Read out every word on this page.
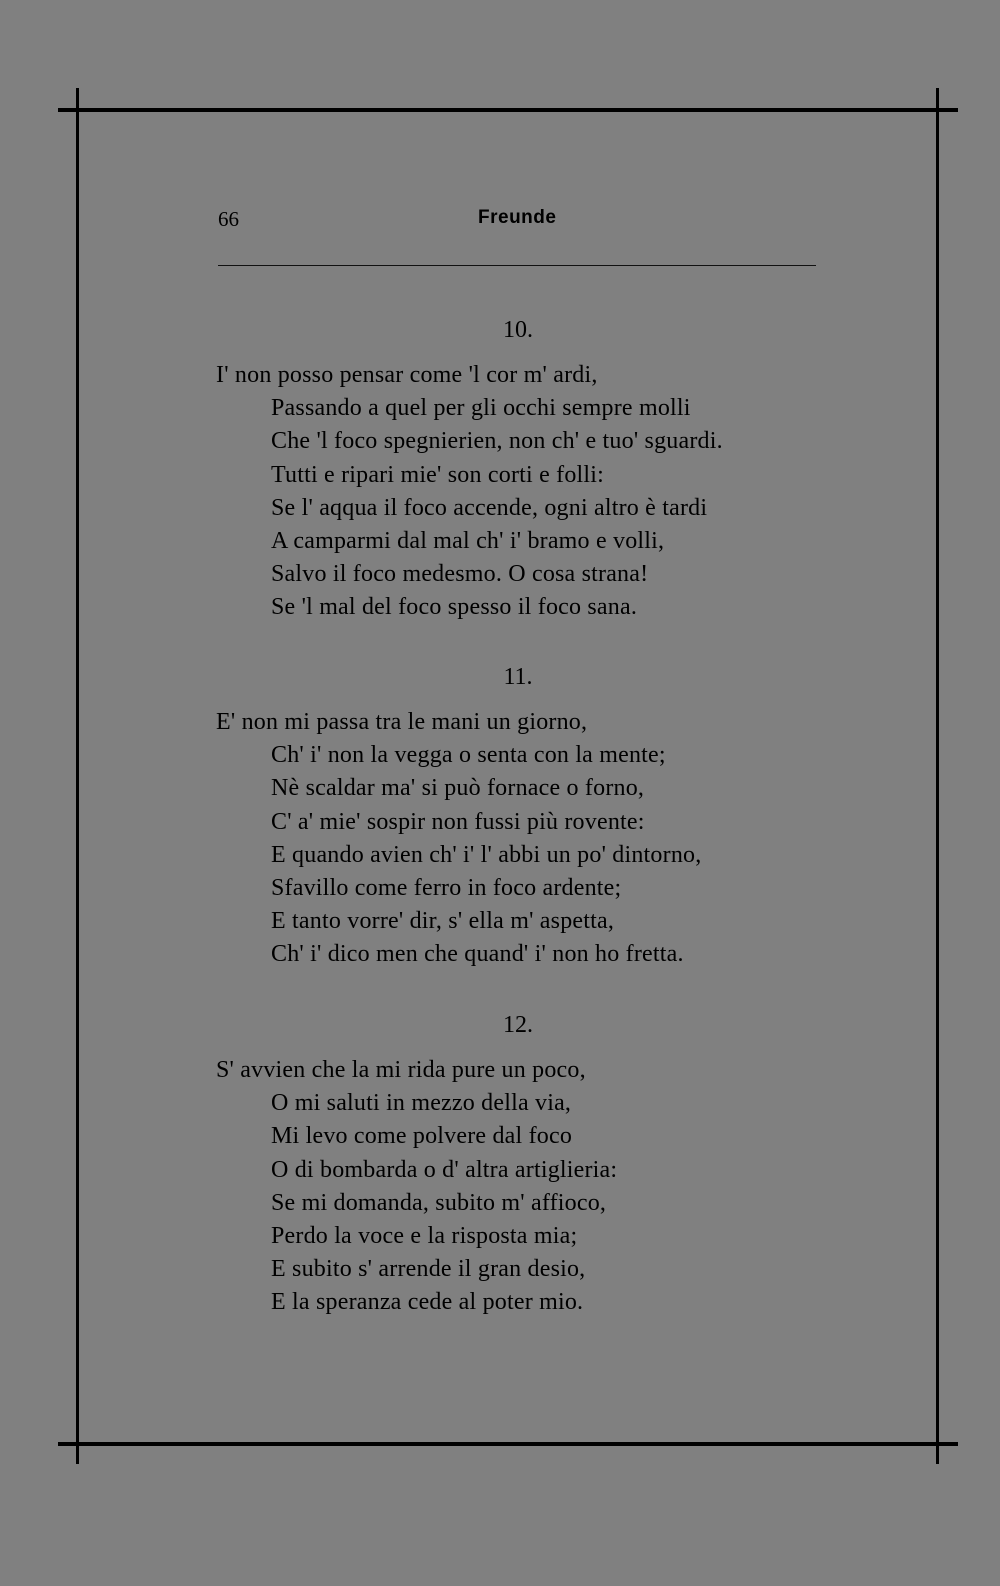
66	Freunde
10.
I' non posso pensar come 'l cor m' ardi,
Passando a quel per gli occhi sempre molli
Che 'l foco spegnierien, non ch' e tuo' sguardi.
Tutti e ripari mie' son corti e folli:
Se l' aqqua il foco accende, ogni altro è tardi
A camparmi dal mal ch' i' bramo e volli,
Salvo il foco medesmo. O cosa strana!
Se 'l mal del foco spesso il foco sana.
11.
E' non mi passa tra le mani un giorno,
Ch' i' non la vegga o senta con la mente;
Nè scaldar ma' si può fornace o forno,
C' a' mie' sospir non fussi più rovente:
E quando avien ch' i' l' abbi un po' dintorno,
Sfavillo come ferro in foco ardente;
E tanto vorre' dir, s' ella m' aspetta,
Ch' i' dico men che quand' i' non ho fretta.
12.
S' avvien che la mi rida pure un poco,
O mi saluti in mezzo della via,
Mi levo come polvere dal foco
O di bombarda o d' altra artiglieria:
Se mi domanda, subito m' affioco,
Perdo la voce e la risposta mia;
E subito s' arrende il gran desio,
E la speranza cede al poter mio.
